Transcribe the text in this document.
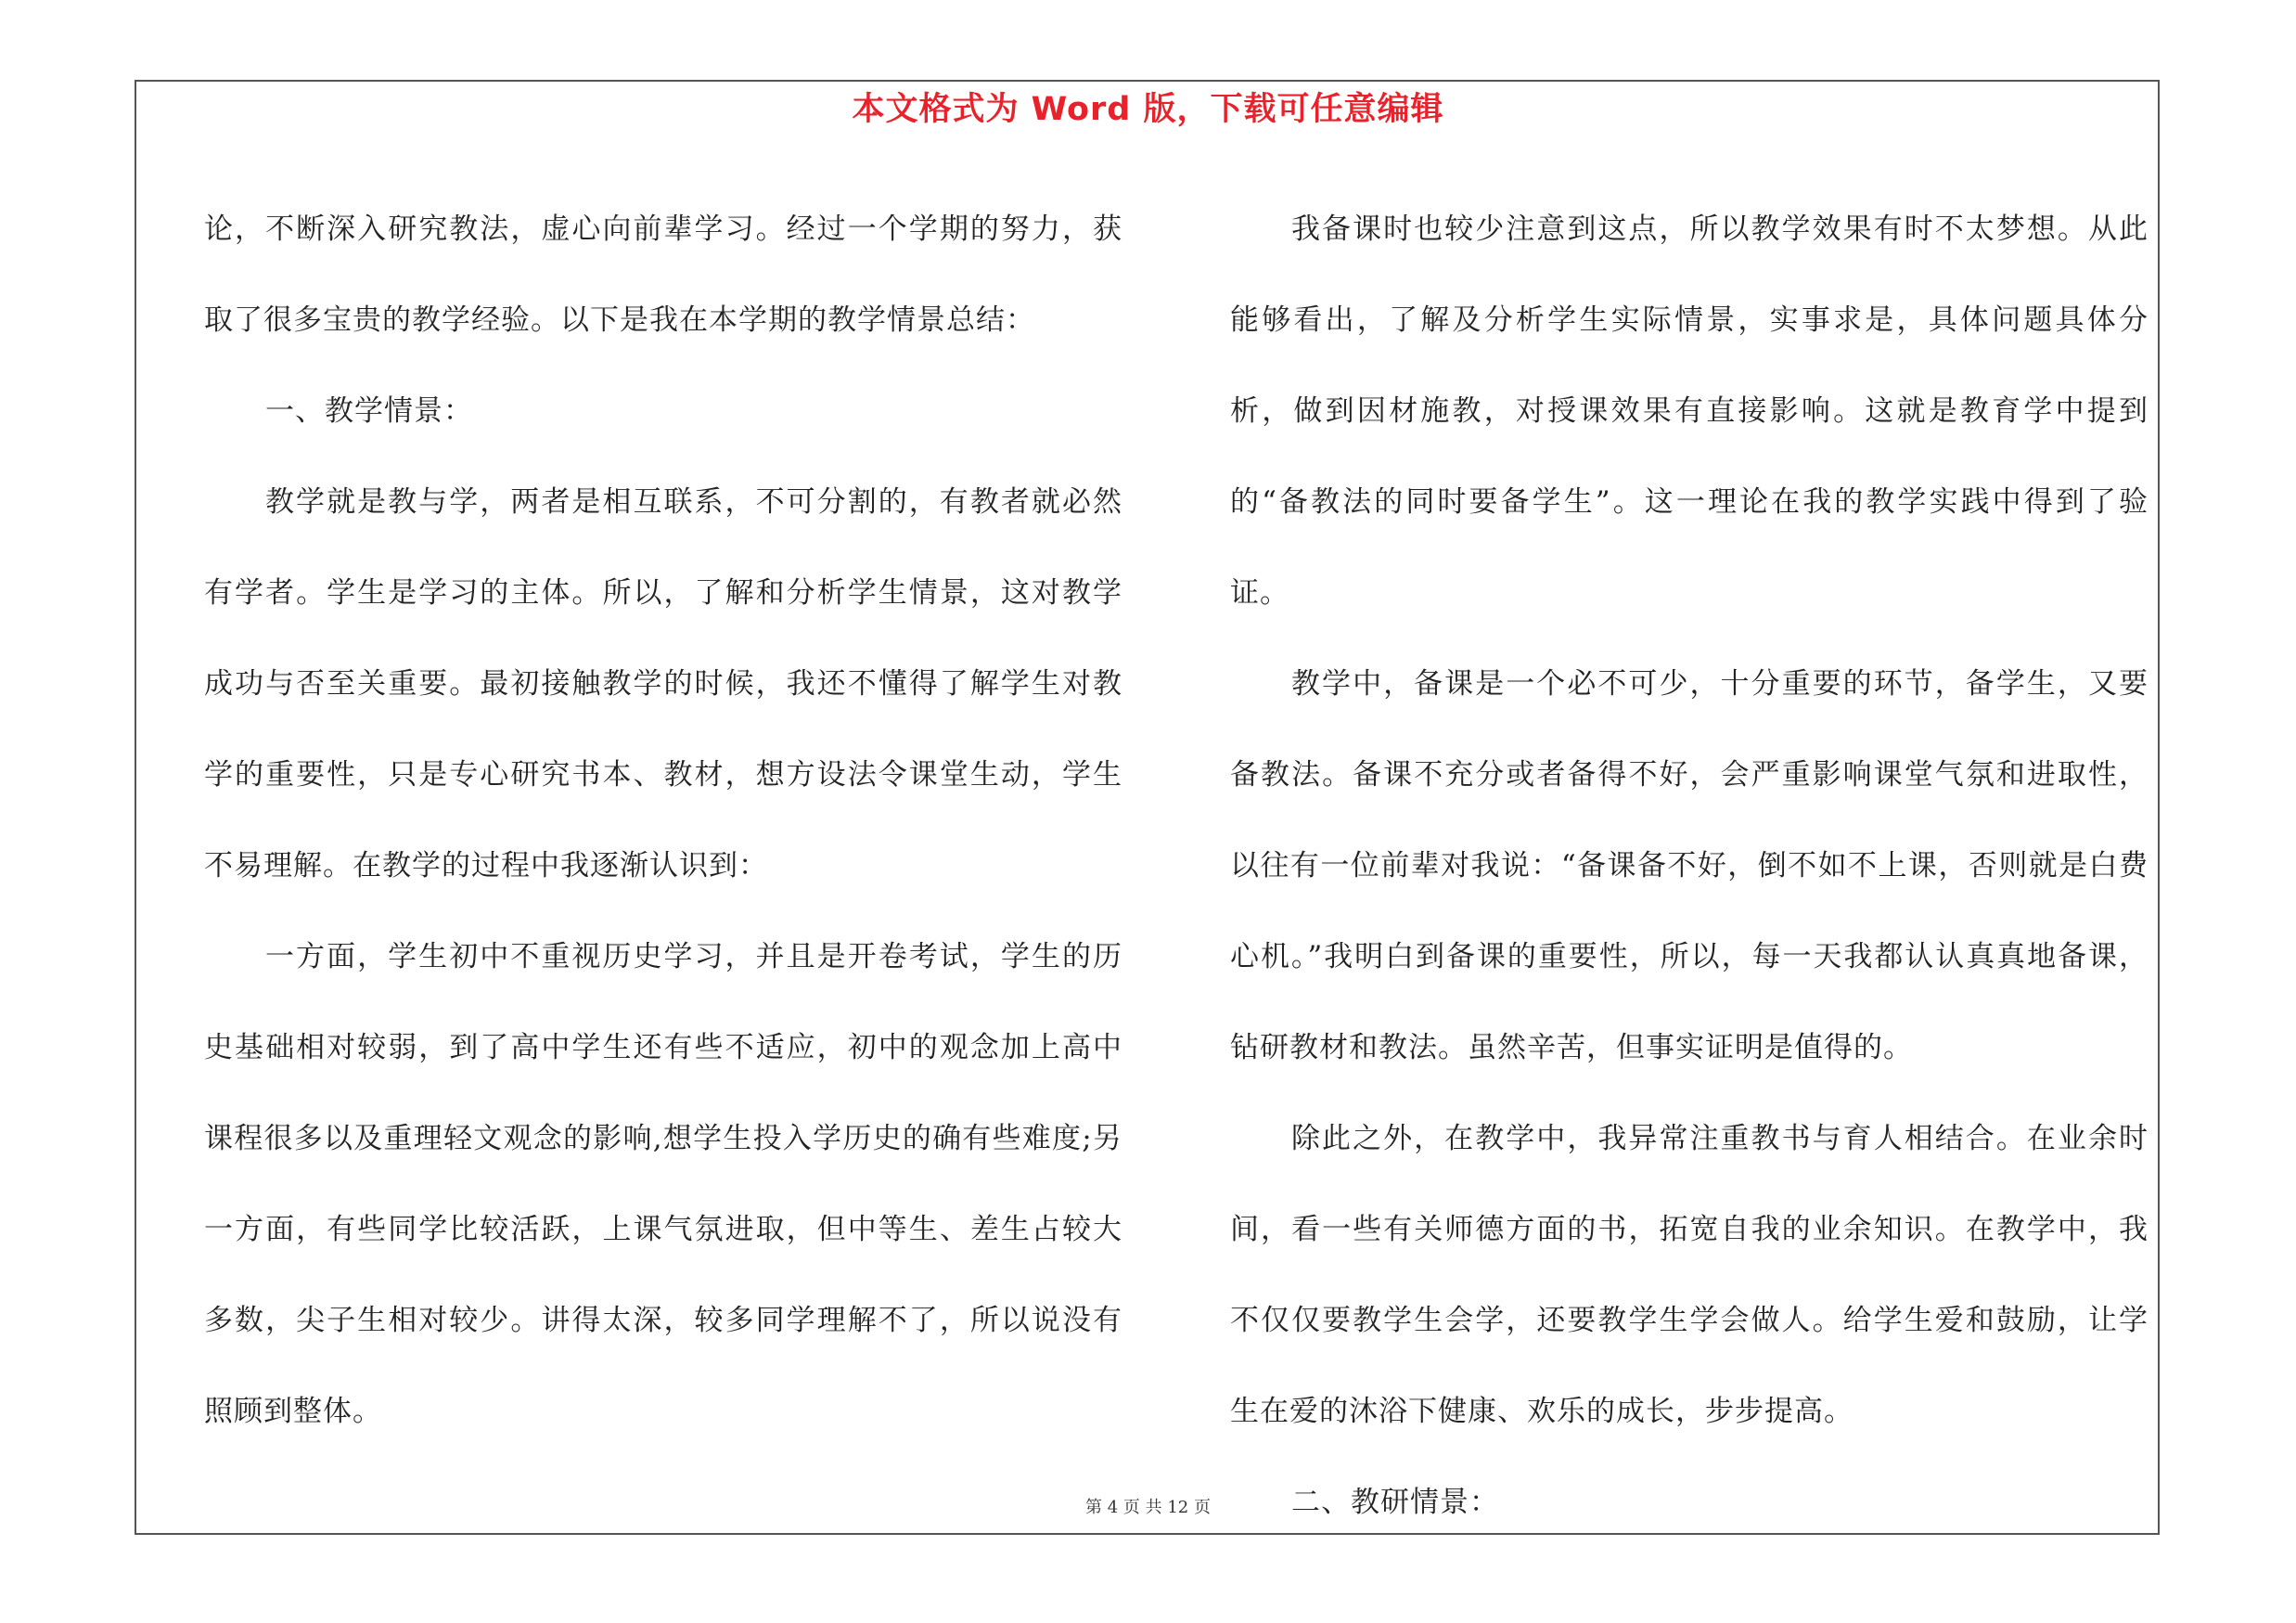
本文格式为 Word 版，下载可任意编辑

论，不断深入研究教法，虚心向前辈学习。经过一个学期的努力，获取了很多宝贵的教学经验。以下是我在本学期的教学情景总结：

一、教学情景：

教学就是教与学，两者是相互联系，不可分割的，有教者就必然有学者。学生是学习的主体。所以，了解和分析学生情景，这对教学成功与否至关重要。最初接触教学的时候，我还不懂得了解学生对教学的重要性，只是专心研究书本、教材，想方设法令课堂生动，学生不易理解。在教学的过程中我逐渐认识到：

一方面，学生初中不重视历史学习，并且是开卷考试，学生的历史基础相对较弱，到了高中学生还有些不适应，初中的观念加上高中课程很多以及重理轻文观念的影响,想学生投入学历史的确有些难度;另一方面，有些同学比较活跃，上课气氛进取，但中等生、差生占较大多数，尖子生相对较少。讲得太深，较多同学理解不了，所以说没有照顾到整体。

我备课时也较少注意到这点，所以教学效果有时不太梦想。从此能够看出，了解及分析学生实际情景，实事求是，具体问题具体分析，做到因材施教，对授课效果有直接影响。这就是教育学中提到的“备教法的同时要备学生”。这一理论在我的教学实践中得到了验证。

教学中，备课是一个必不可少，十分重要的环节，备学生，又要备教法。备课不充分或者备得不好，会严重影响课堂气氛和进取性，以往有一位前辈对我说：“备课备不好，倒不如不上课，否则就是白费心机。”我明白到备课的重要性，所以，每一天我都认认真真地备课，钻研教材和教法。虽然辛苦，但事实证明是值得的。

除此之外，在教学中，我异常注重教书与育人相结合。在业余时间，看一些有关师德方面的书，拓宽自我的业余知识。在教学中，我不仅仅要教学生会学，还要教学生学会做人。给学生爱和鼓励，让学生在爱的沐浴下健康、欢乐的成长，步步提高。

二、教研情景：

第 4 页 共 12 页
